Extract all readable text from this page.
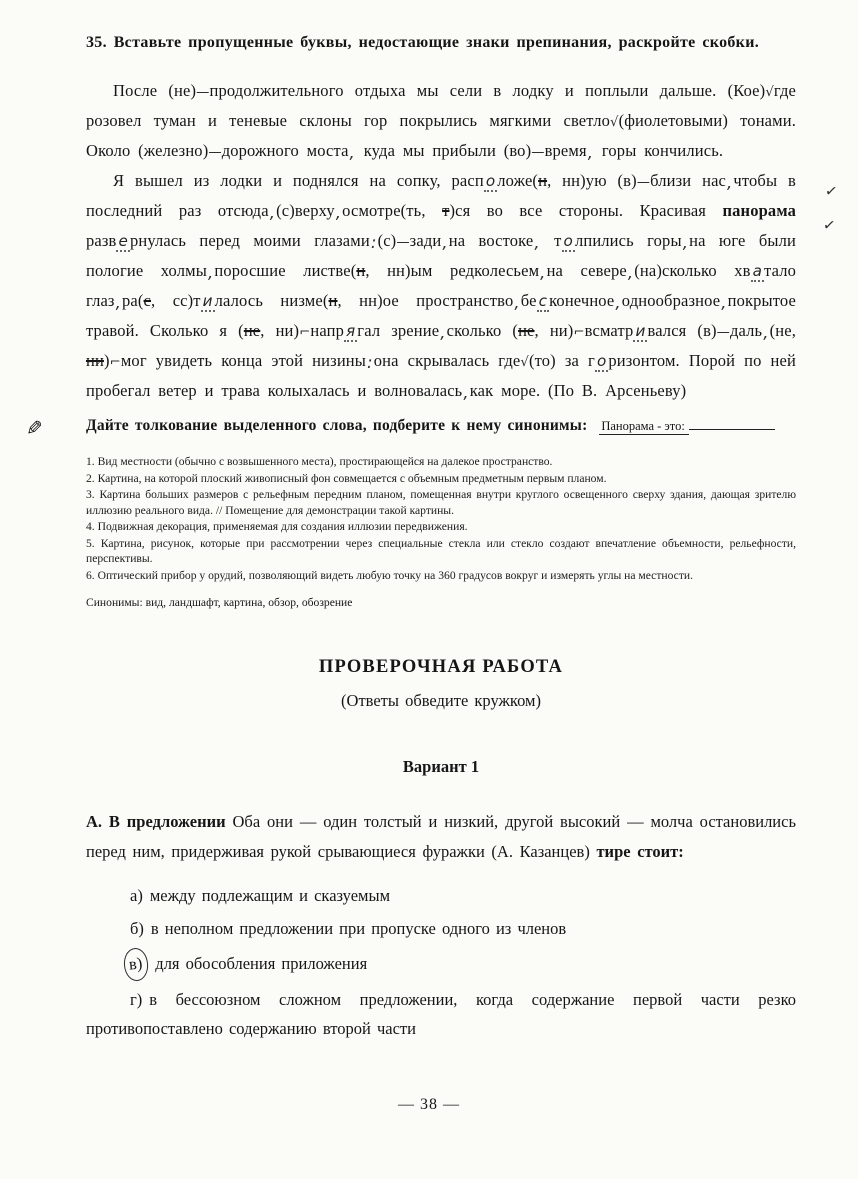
35. Вставьте пропущенные буквы, недостающие знаки препинания, раскройте скобки.

После (не)—продолжительного отдыха мы сели в лодку и поплыли дальше. (Кое)√где розовел туман и теневые склоны гор покрылись мягкими светло√(фиолетовыми) тонами. Около (железно)—дорожного моста, куда мы прибыли (во)—время, горы кончились.

Я вышел из лодки и поднялся на сопку, расп о ложе(н, нн)ую (в)—близи нас,чтобы в последний раз отсюда,(с)верху,осмотре(ть, т)ся во все стороны. Красивая панорама разв е рнулась перед моими глазами:(с)—зади,на востоке, т о лпились горы,на юге были пологие холмы,поросшие листве(н, нн)ым редколесьем,на севере,(на)сколько хв а тало глаз,ра(с, сс)т и лалось низме(н, нн)ое пространство,бе с конечное,однообразное,покрытое травой. Сколько я (не, ни)⌐напр я гал зрение,сколько (не, ни)⌐всматр и вался (в)—даль,(не, ни)⌐мог увидеть конца этой низины:она скрывалась где√(то) за г о ризонтом. Порой по ней пробегал ветер и трава колыхалась и волновалась,как море. (По В. Арсеньеву)

✓
✓
✎	Дайте толкование выделенного слова, подберите к нему синонимы: Панорама - это:
1. Вид местности (обычно с возвышенного места), простирающейся на далекое пространство.
2. Картина, на которой плоский живописный фон совмещается с объемным предметным первым планом.
3. Картина больших размеров с рельефным передним планом, помещенная внутри круглого освещенного сверху здания, дающая зрителю иллюзию реального вида. // Помещение для демонстрации такой картины.
4. Подвижная декорация, применяемая для создания иллюзии передвижения.
5. Картина, рисунок, которые при рассмотрении через специальные стекла или стекло создают впечатление объемности, рельефности, перспективы.
6. Оптический прибор у орудий, позволяющий видеть любую точку на 360 градусов вокруг и измерять углы на местности.
Синонимы: вид, ландшафт, картина, обзор, обозрение
ПРОВЕРОЧНАЯ РАБОТА
(Ответы обведите кружком)
Вариант 1
А. В предложении Оба они — один толстый и низкий, другой высокий — молча остановились перед ним, придерживая рукой срывающиеся фуражки (А. Казанцев) тире стоит:
а) между подлежащим и сказуемым
б) в неполном предложении при пропуске одного из членов
в) для обособления приложения
г) в бессоюзном сложном предложении, когда содержание первой части резко противопоставлено содержанию второй части
— 38 —
